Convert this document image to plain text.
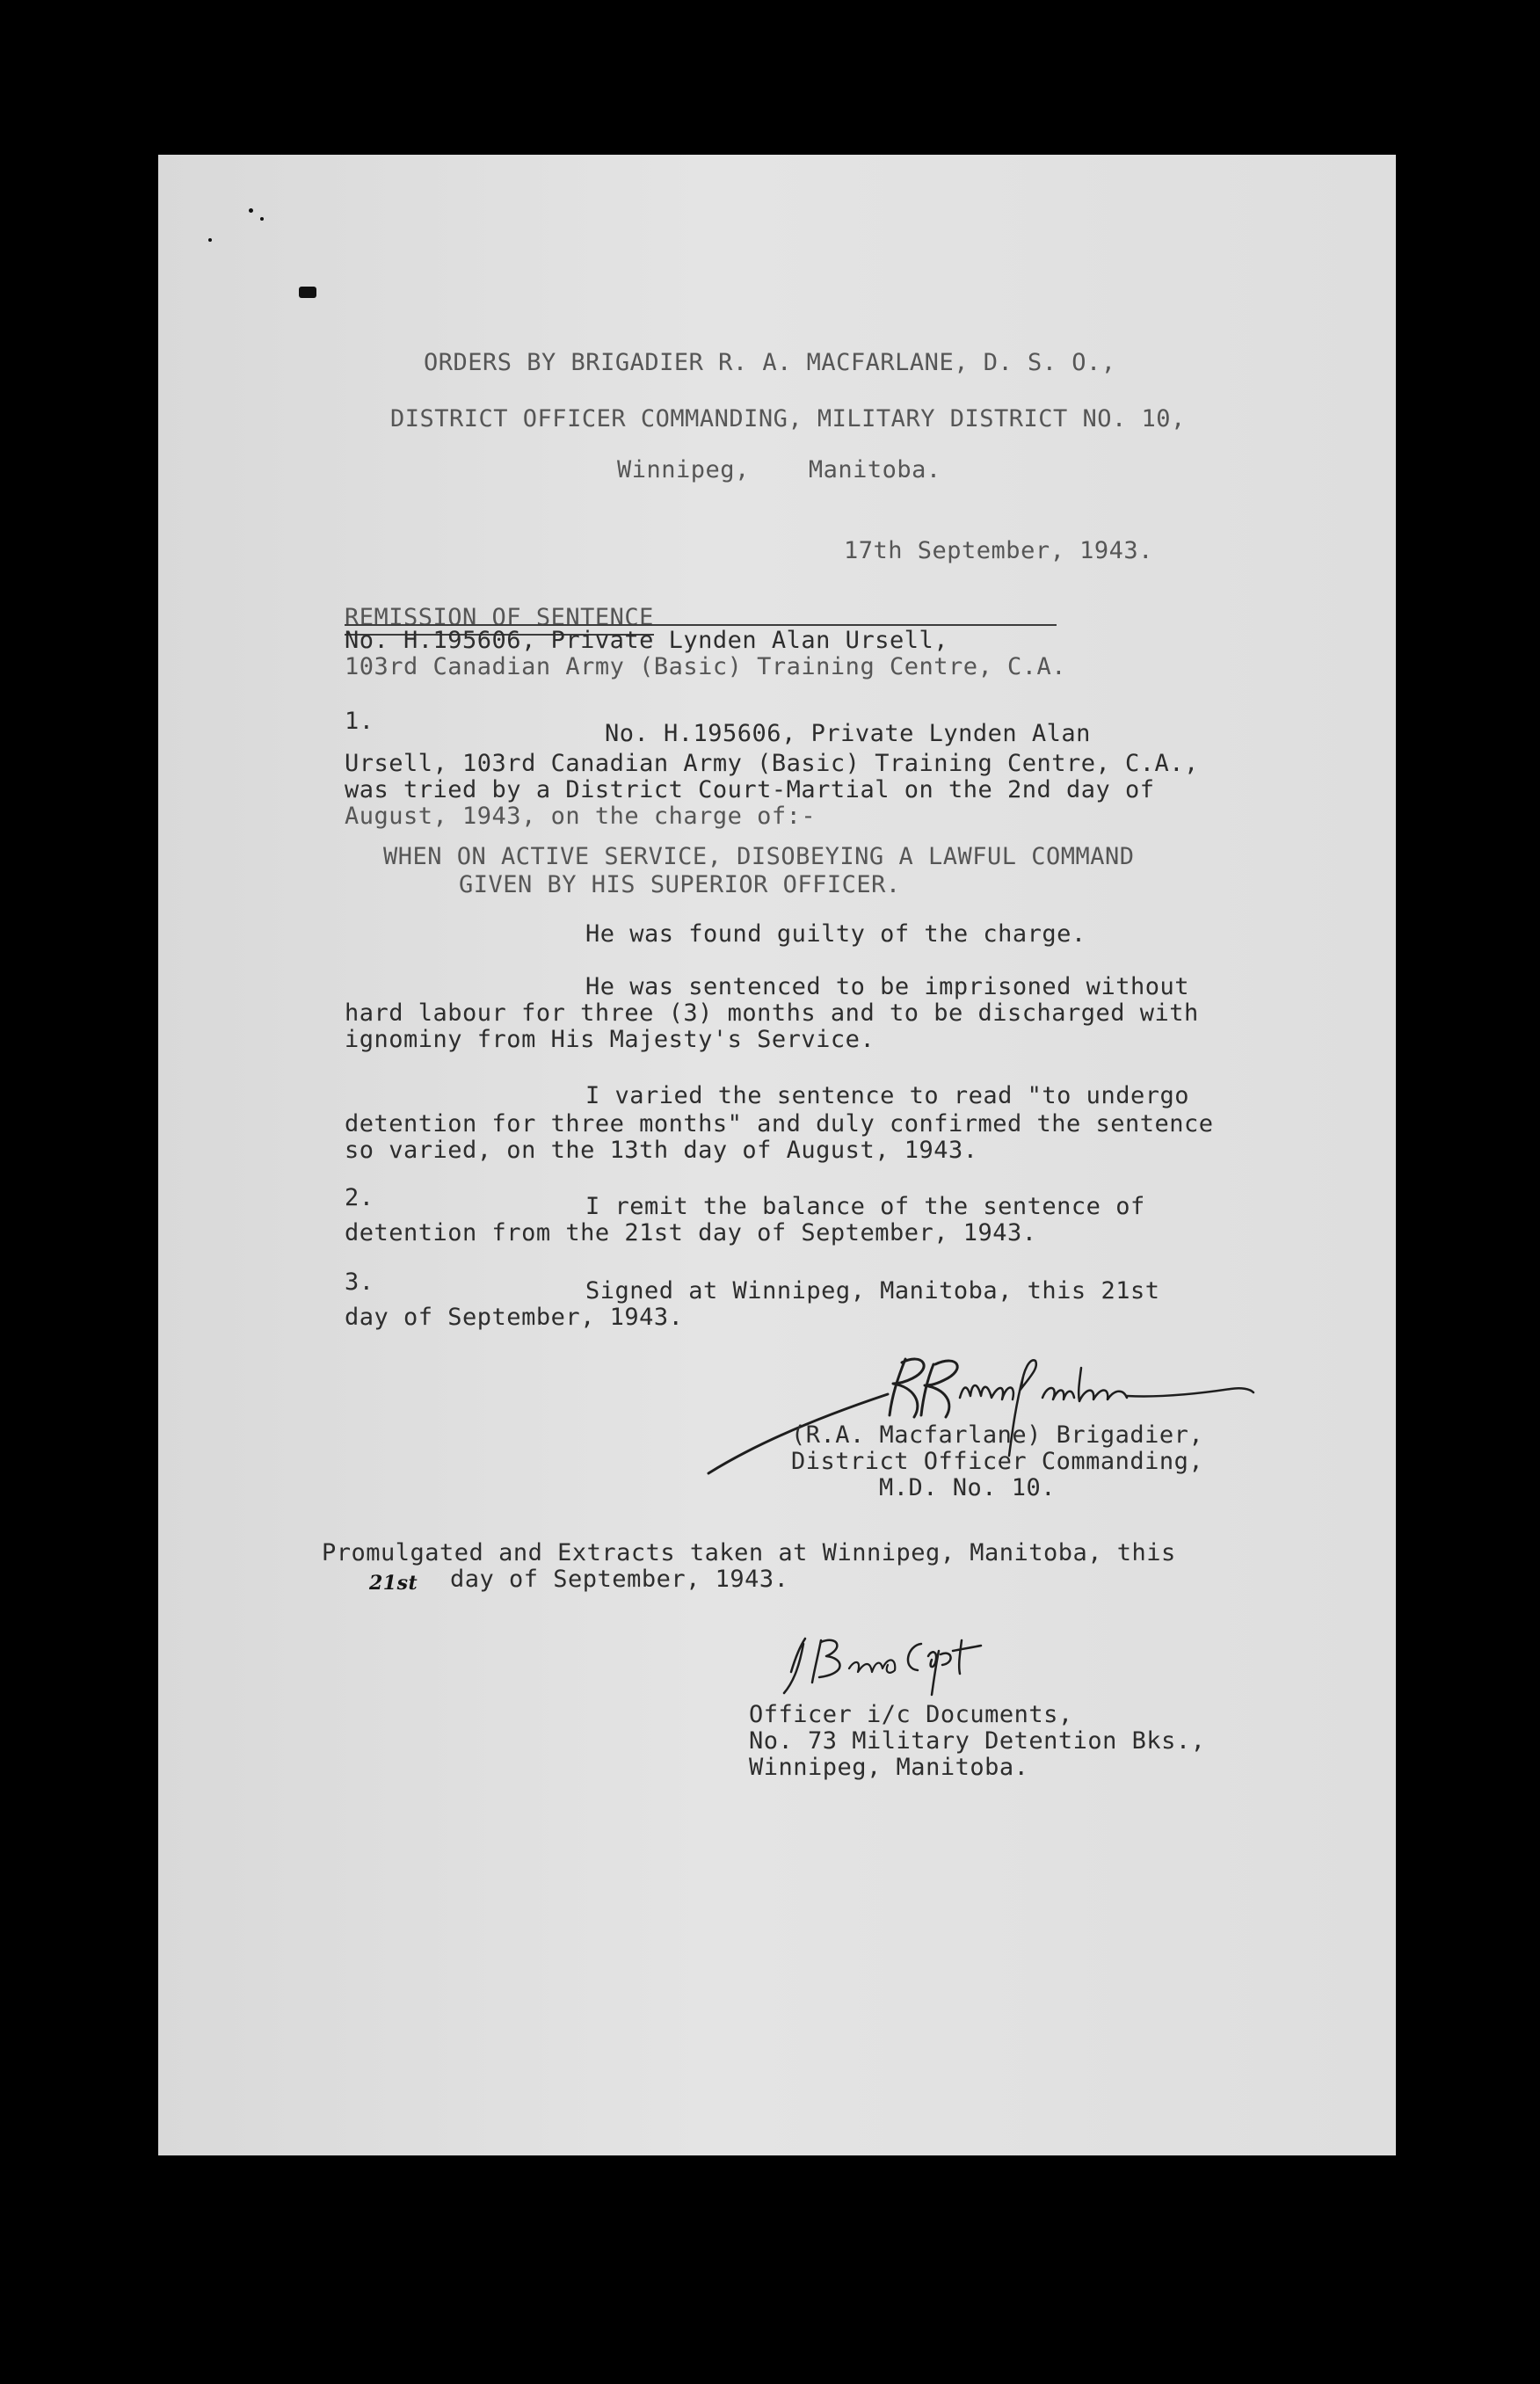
ORDERS BY BRIGADIER R. A. MACFARLANE, D. S. O.,
DISTRICT OFFICER COMMANDING, MILITARY DISTRICT NO. 10,
Winnipeg,    Manitoba.
17th September, 1943.
REMISSION OF SENTENCE
No. H.195606, Private Lynden Alan Ursell,
103rd Canadian Army (Basic) Training Centre, C.A.
1.	No. H.195606, Private Lynden Alan
Ursell, 103rd Canadian Army (Basic) Training Centre, C.A.,
was tried by a District Court-Martial on the 2nd day of
August, 1943, on the charge of:-
WHEN ON ACTIVE SERVICE, DISOBEYING A LAWFUL COMMAND
GIVEN BY HIS SUPERIOR OFFICER.
He was found guilty of the charge.
He was sentenced to be imprisoned without
hard labour for three (3) months and to be discharged with
ignominy from His Majesty's Service.
I varied the sentence to read "to undergo
detention for three months" and duly confirmed the sentence
so varied, on the 13th day of August, 1943.
2.	I remit the balance of the sentence of
detention from the 21st day of September, 1943.
3.	Signed at Winnipeg, Manitoba, this 21st
day of September, 1943.
(R.A. Macfarlane) Brigadier,
District Officer Commanding,
M.D. No. 10.
Promulgated and Extracts taken at Winnipeg, Manitoba, this
21st day of September, 1943.
Officer i/c Documents,
No. 73 Military Detention Bks.,
Winnipeg, Manitoba.
